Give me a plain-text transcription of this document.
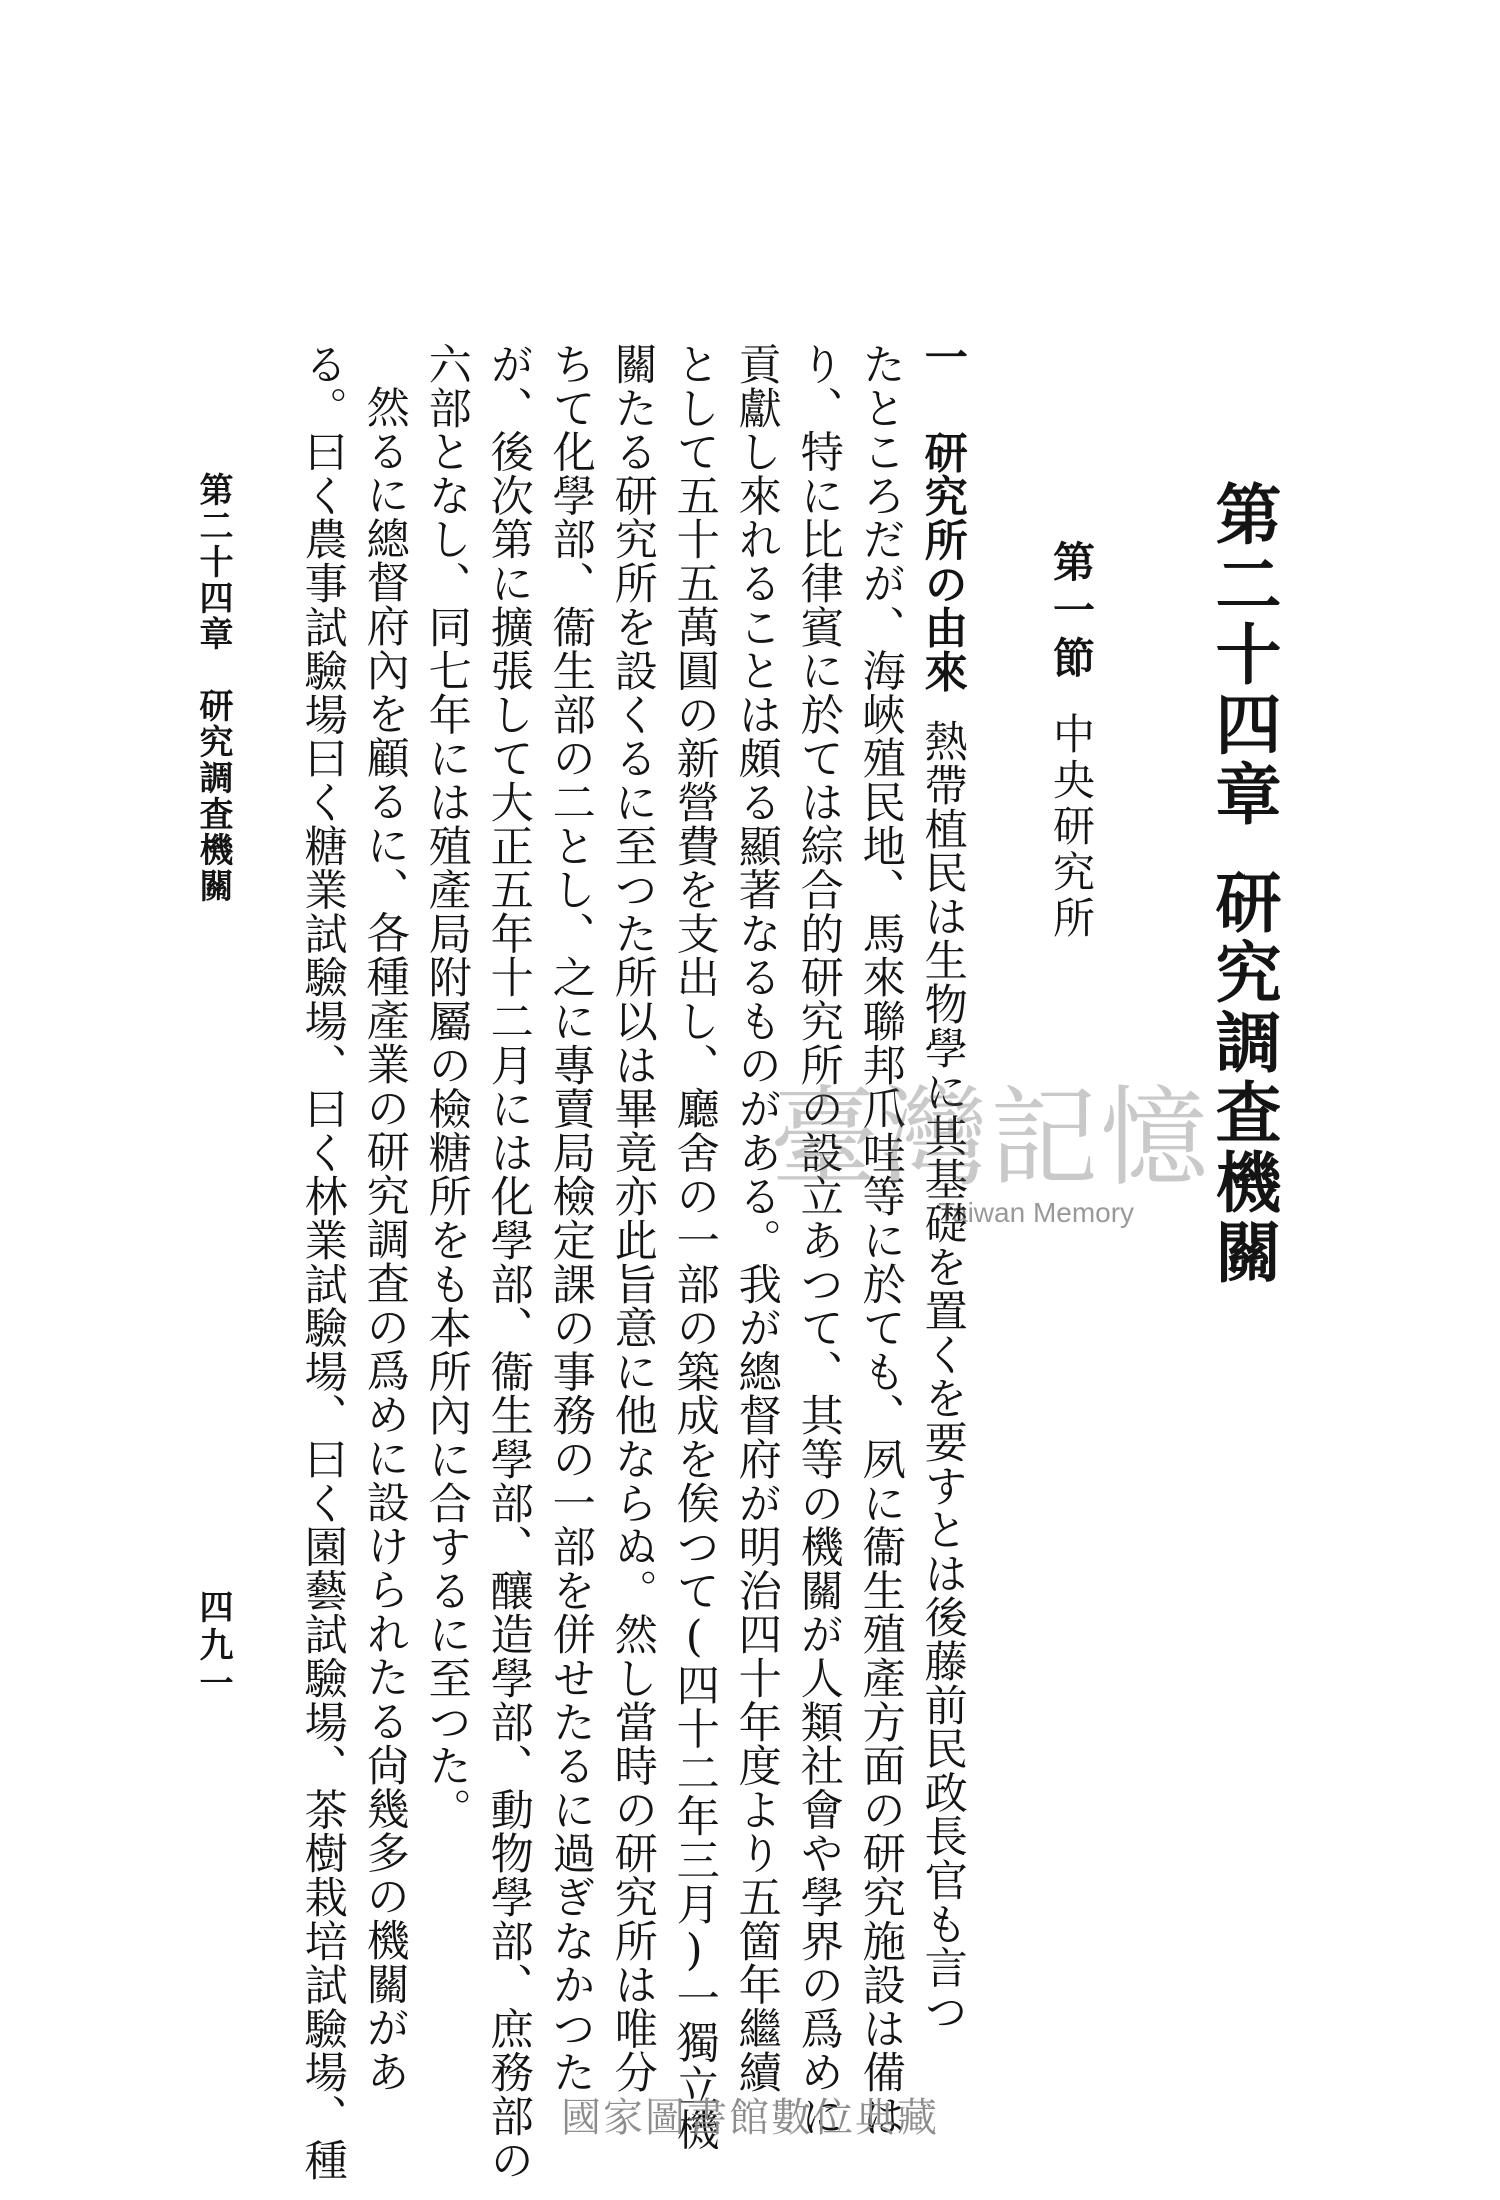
第二十四章研究調査機關
第一節中央研究所

一 研究所の由來熱帶植民は生物學に其基礎を置くを要すとは後藤前民政長官も言つ

たところだが、海峽殖民地、馬來聯邦爪哇等に於ても、夙に衞生殖產方面の研究施設は備は

り、特に比律賓に於ては綜合的研究所の設立あつて、其等の機關が人類社會や學界の爲めに

貢獻し來れることは頗る顯著なるものがある。我が總督府が明治四十年度より五箇年繼續

として五十五萬圓の新營費を支出し、廳舍の一部の築成を俟つて(四十二年三月)一獨立機

關たる研究所を設くるに至つた所以は畢竟亦此旨意に他ならぬ。然し當時の研究所は唯分

ちて化學部、衞生部の二とし、之に專賣局檢定課の事務の一部を併せたるに過ぎなかつた

が、後次第に擴張して大正五年十二月には化學部、衞生學部、釀造學部、動物學部、庶務部の

六部となし、同七年には殖產局附屬の檢糖所をも本所內に合するに至つた。

然るに總督府內を顧るに、各種產業の研究調査の爲めに設けられたる尙幾多の機關があ

る。曰く農事試驗場曰く糖業試驗場、曰く林業試驗場、曰く園藝試驗場、茶樹栽培試驗場、種

第二十四章研究調査機關
四九一
臺灣記憶
Taiwan Memory
國家圖書館數位典藏
